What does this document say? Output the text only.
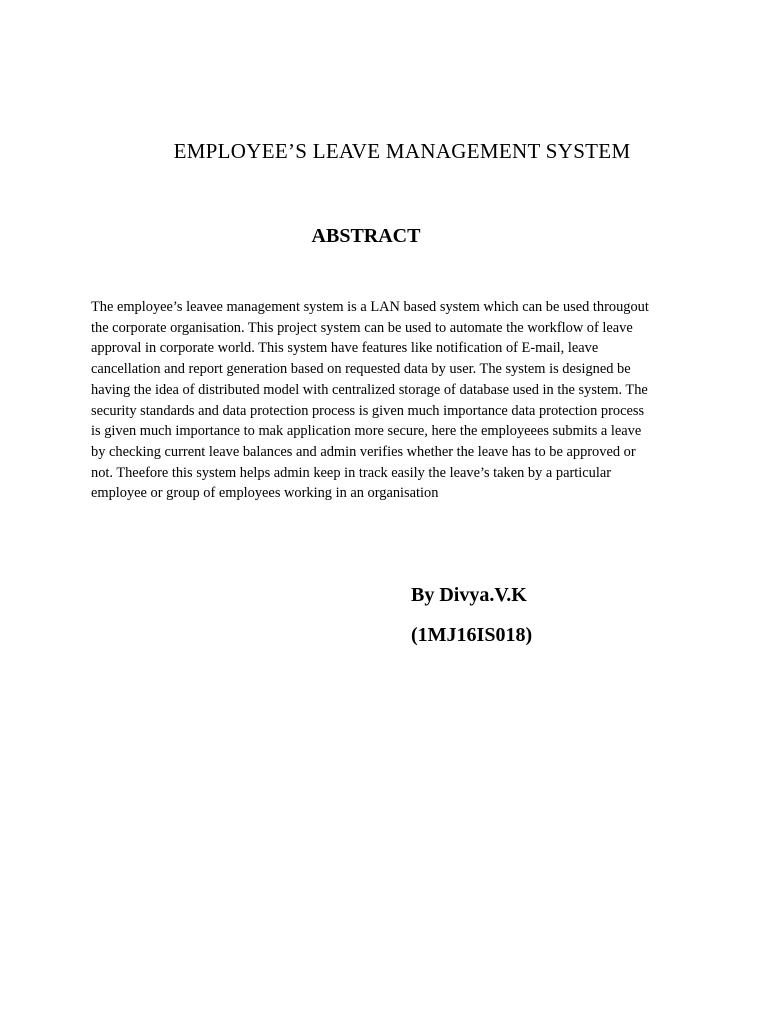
EMPLOYEE’S LEAVE MANAGEMENT SYSTEM
ABSTRACT
The employee’s leavee management system is a LAN based system which can be used througout
the corporate organisation. This project system can be used to automate the workflow of leave
approval in corporate world. This system have features like notification of E-mail, leave
cancellation and report generation based on requested data by user. The system is designed be
having the idea of distributed model with centralized storage of database used in the system. The
security standards and data protection process is given much importance data protection process
is given much importance to mak application more secure, here the employeees submits a leave
by checking current leave balances and admin verifies whether the leave has to be approved or
not. Theefore this system helps admin keep in track easily the leave’s taken by a particular
employee or group of employees working in an organisation
By Divya.V.K
(1MJ16IS018)
